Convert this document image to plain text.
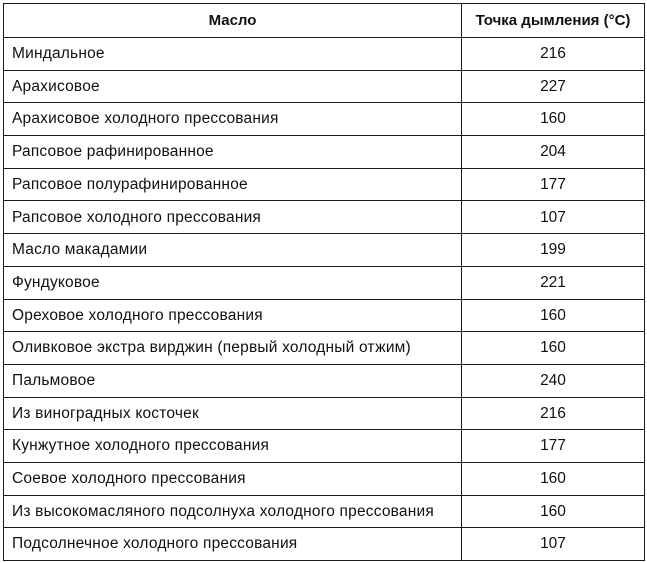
Масло	Точка дымления (°С)
Миндальное	216
Арахисовое	227
Арахисовое холодного прессования	160
Рапсовое рафинированное	204
Рапсовое полурафинированное	177
Рапсовое холодного прессования	107
Масло макадамии	199
Фундуковое	221
Ореховое холодного прессования	160
Оливковое экстра вирджин (первый холодный отжим)	160
Пальмовое	240
Из виноградных косточек	216
Кунжутное холодного прессования	177
Соевое холодного прессования	160
Из высокомасляного подсолнуха холодного прессования	160
Подсолнечное холодного прессования	107
